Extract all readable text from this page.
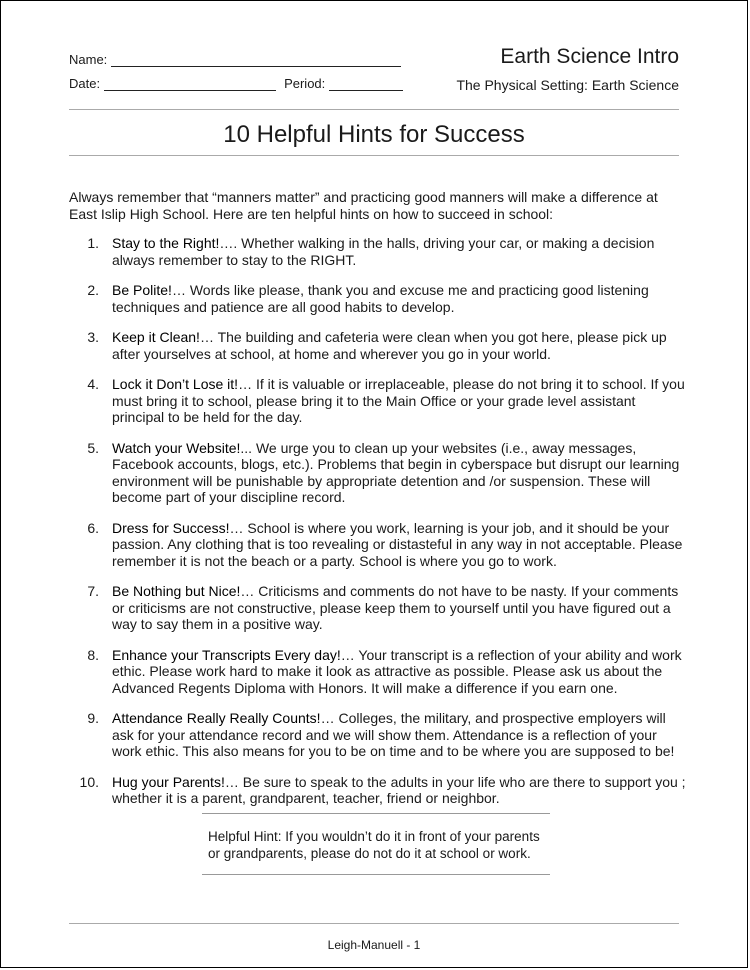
Name:
Date:	Period:
Earth Science Intro
The Physical Setting: Earth Science
10 Helpful Hints for Success
Always remember that “manners matter” and practicing good manners will make a difference at East Islip High School. Here are ten helpful hints on how to succeed in school:
1. Stay to the Right!…. Whether walking in the halls, driving your car, or making a decision always remember to stay to the RIGHT.
2. Be Polite!… Words like please, thank you and excuse me and practicing good listening techniques and patience are all good habits to develop.
3. Keep it Clean!… The building and cafeteria were clean when you got here, please pick up after yourselves at school, at home and wherever you go in your world.
4. Lock it Don’t Lose it!… If it is valuable or irreplaceable, please do not bring it to school. If you must bring it to school, please bring it to the Main Office or your grade level assistant principal to be held for the day.
5. Watch your Website!... We urge you to clean up your websites (i.e., away messages, Facebook accounts, blogs, etc.). Problems that begin in cyberspace but disrupt our learning environment will be punishable by appropriate detention and /or suspension. These will become part of your discipline record.
6. Dress for Success!… School is where you work, learning is your job, and it should be your passion. Any clothing that is too revealing or distasteful in any way in not acceptable. Please remember it is not the beach or a party. School is where you go to work.
7. Be Nothing but Nice!… Criticisms and comments do not have to be nasty. If your comments or criticisms are not constructive, please keep them to yourself until you have figured out a way to say them in a positive way.
8. Enhance your Transcripts Every day!… Your transcript is a reflection of your ability and work ethic. Please work hard to make it look as attractive as possible. Please ask us about the Advanced Regents Diploma with Honors. It will make a difference if you earn one.
9. Attendance Really Really Counts!… Colleges, the military, and prospective employers will ask for your attendance record and we will show them. Attendance is a reflection of your work ethic. This also means for you to be on time and to be where you are supposed to be!
10. Hug your Parents!… Be sure to speak to the adults in your life who are there to support you ; whether it is a parent, grandparent, teacher, friend or neighbor.
Helpful Hint: If you wouldn’t do it in front of your parents or grandparents, please do not do it at school or work.
Leigh-Manuell - 1
